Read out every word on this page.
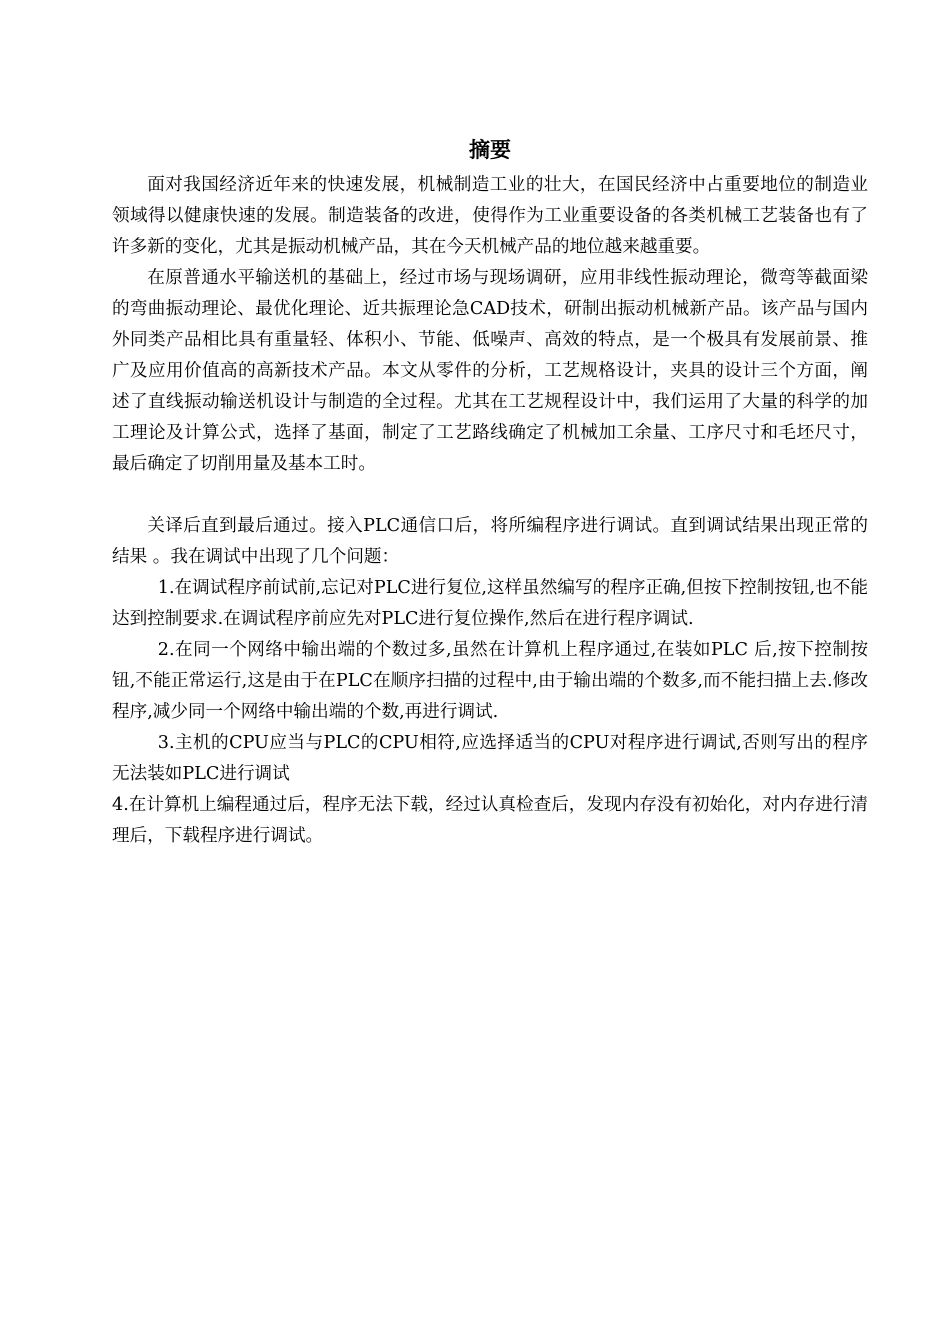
摘要

面对我国经济近年来的快速发展，机械制造工业的壮大，在国民经济中占重要地位的制造业领域得以健康快速的发展。制造装备的改进，使得作为工业重要设备的各类机械工艺装备也有了许多新的变化，尤其是振动机械产品，其在今天机械产品的地位越来越重要。

在原普通水平输送机的基础上，经过市场与现场调研，应用非线性振动理论，微弯等截面梁的弯曲振动理论、最优化理论、近共振理论急CAD技术，研制出振动机械新产品。该产品与国内外同类产品相比具有重量轻、体积小、节能、低噪声、高效的特点，是一个极具有发展前景、推广及应用价值高的高新技术产品。本文从零件的分析，工艺规格设计，夹具的设计三个方面，阐述了直线振动输送机设计与制造的全过程。尤其在工艺规程设计中，我们运用了大量的科学的加工理论及计算公式，选择了基面，制定了工艺路线确定了机械加工余量、工序尺寸和毛坯尺寸，最后确定了切削用量及基本工时。

关译后直到最后通过。接入PLC通信口后，将所编程序进行调试。直到调试结果出现正常的结果 。我在调试中出现了几个问题：

1.在调试程序前试前,忘记对PLC进行复位,这样虽然编写的程序正确,但按下控制按钮,也不能达到控制要求.在调试程序前应先对PLC进行复位操作,然后在进行程序调试.

2.在同一个网络中输出端的个数过多,虽然在计算机上程序通过,在装如PLC 后,按下控制按钮,不能正常运行,这是由于在PLC在顺序扫描的过程中,由于输出端的个数多,而不能扫描上去.修改程序,减少同一个网络中输出端的个数,再进行调试.

3.主机的CPU应当与PLC的CPU相符,应选择适当的CPU对程序进行调试,否则写出的程序无法装如PLC进行调试

4.在计算机上编程通过后，程序无法下载，经过认真检查后，发现内存没有初始化，对内存进行清理后，下载程序进行调试。
